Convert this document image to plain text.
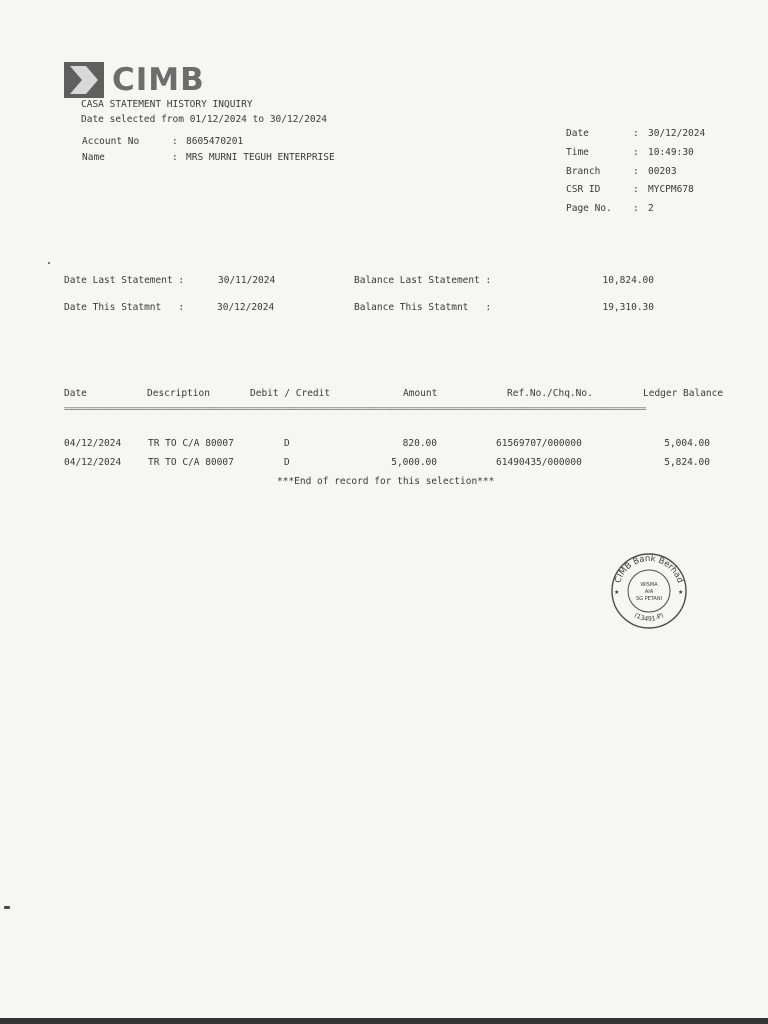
CIMB
CASA STATEMENT HISTORY INQUIRY
Date selected from 01/12/2024 to 30/12/2024
Account No	: 8605470201
Name	: MRS MURNI TEGUH ENTERPRISE
Date	: 30/12/2024
Time	: 10:49:30
Branch	: 00203
CSR ID	: MYCPM678
Page No. : 2
Date Last Statement :	30/11/2024	Balance Last Statement :	10,824.00
Date This Statmnt   :	30/12/2024	Balance This Statmnt   :	19,310.30
Date	Description	Debit / Credit	Amount	Ref.No./Chq.No.	Ledger Balance
==========================================================================================================================================
04/12/2024	TR TO C/A 80007	D	820.00	61569707/000000	5,004.00
04/12/2024	TR TO C/A 80007	D	5,000.00	61490435/000000	5,824.00
***End of record for this selection***
CIMB Bank Berhad
(13491-P)
WISMA
AIA
SG PETANI
★	★
